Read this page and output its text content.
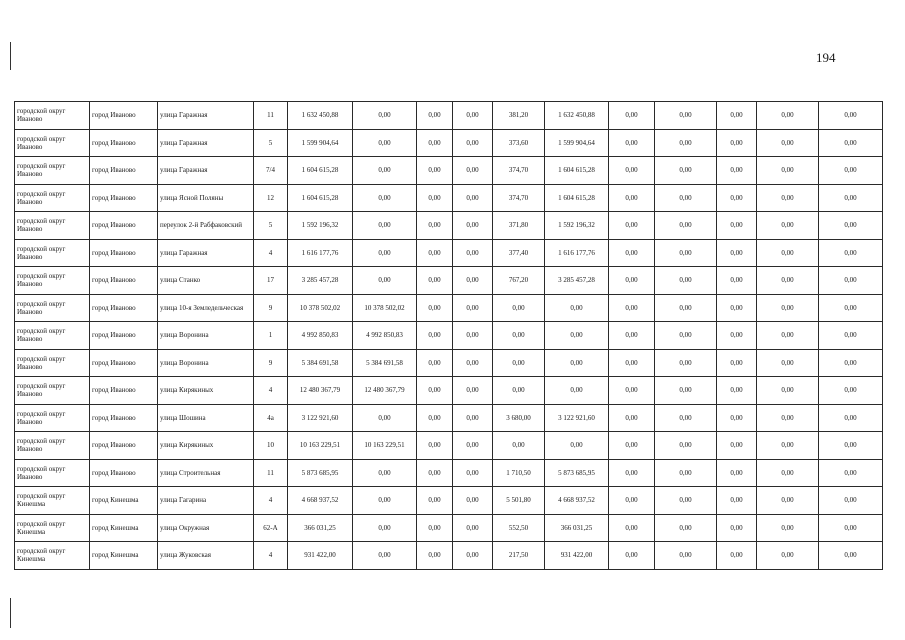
194
городской округ Иваново	город Иваново	улица Гаражная	11	1 632 450,88	0,00	0,00	0,00	381,20	1 632 450,88	0,00	0,00	0,00	0,00	0,00
городской округ Иваново	город Иваново	улица Гаражная	5	1 599 904,64	0,00	0,00	0,00	373,60	1 599 904,64	0,00	0,00	0,00	0,00	0,00
городской округ Иваново	город Иваново	улица Гаражная	7/4	1 604 615,28	0,00	0,00	0,00	374,70	1 604 615,28	0,00	0,00	0,00	0,00	0,00
городской округ Иваново	город Иваново	улица Ясной Поляны	12	1 604 615,28	0,00	0,00	0,00	374,70	1 604 615,28	0,00	0,00	0,00	0,00	0,00
городской округ Иваново	город Иваново	переулок 2-й Рабфаковский	5	1 592 196,32	0,00	0,00	0,00	371,80	1 592 196,32	0,00	0,00	0,00	0,00	0,00
городской округ Иваново	город Иваново	улица Гаражная	4	1 616 177,76	0,00	0,00	0,00	377,40	1 616 177,76	0,00	0,00	0,00	0,00	0,00
городской округ Иваново	город Иваново	улица Станко	17	3 285 457,28	0,00	0,00	0,00	767,20	3 285 457,28	0,00	0,00	0,00	0,00	0,00
городской округ Иваново	город Иваново	улица 10-я Земледельческая	9	10 378 502,02	10 378 502,02	0,00	0,00	0,00	0,00	0,00	0,00	0,00	0,00	0,00
городской округ Иваново	город Иваново	улица Воронина	1	4 992 850,83	4 992 850,83	0,00	0,00	0,00	0,00	0,00	0,00	0,00	0,00	0,00
городской округ Иваново	город Иваново	улица Воронина	9	5 384 691,58	5 384 691,58	0,00	0,00	0,00	0,00	0,00	0,00	0,00	0,00	0,00
городской округ Иваново	город Иваново	улица Кирякиных	4	12 480 367,79	12 480 367,79	0,00	0,00	0,00	0,00	0,00	0,00	0,00	0,00	0,00
городской округ Иваново	город Иваново	улица Шошина	4а	3 122 921,60	0,00	0,00	0,00	3 680,00	3 122 921,60	0,00	0,00	0,00	0,00	0,00
городской округ Иваново	город Иваново	улица Кирякиных	10	10 163 229,51	10 163 229,51	0,00	0,00	0,00	0,00	0,00	0,00	0,00	0,00	0,00
городской округ Иваново	город Иваново	улица Строительная	11	5 873 685,95	0,00	0,00	0,00	1 710,50	5 873 685,95	0,00	0,00	0,00	0,00	0,00
городской округ Кинешма	город Кинешма	улица Гагарина	4	4 668 937,52	0,00	0,00	0,00	5 501,80	4 668 937,52	0,00	0,00	0,00	0,00	0,00
городской округ Кинешма	город Кинешма	улица Окружная	62-А	366 031,25	0,00	0,00	0,00	552,50	366 031,25	0,00	0,00	0,00	0,00	0,00
городской округ Кинешма	город Кинешма	улица Жуковская	4	931 422,00	0,00	0,00	0,00	217,50	931 422,00	0,00	0,00	0,00	0,00	0,00
